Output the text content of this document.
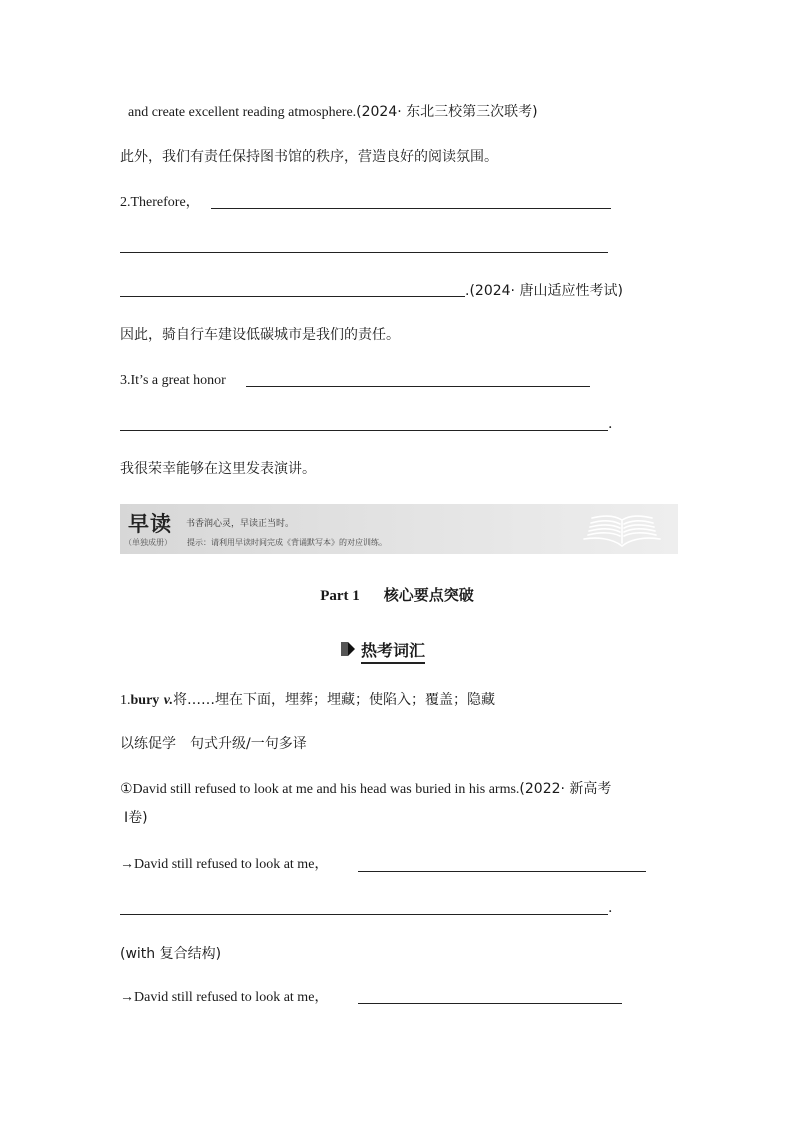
and create excellent reading atmosphere.(2024· 东北三校第三次联考)
此外，我们有责任保持图书馆的秩序，营造良好的阅读氛围。
2.Therefore，
.(2024· 唐山适应性考试)
因此，骑自行车建设低碳城市是我们的责任。
3.It’s a great honor
.
我很荣幸能够在这里发表演讲。
早读 书香润心灵，早读正当时。
（单独成册） 提示：请利用早读时间完成《背诵默写本》的对应训练。
Part 1 核心要点突破
热考词汇
1.bury v.将……埋在下面，埋葬；埋藏；使陷入；覆盖；隐藏
以练促学　句式升级/一句多译
①David still refused to look at me and his head was buried in his arms.(2022· 新高考
Ⅰ卷)
→David still refused to look at me，
.
(with 复合结构)
→David still refused to look at me，
